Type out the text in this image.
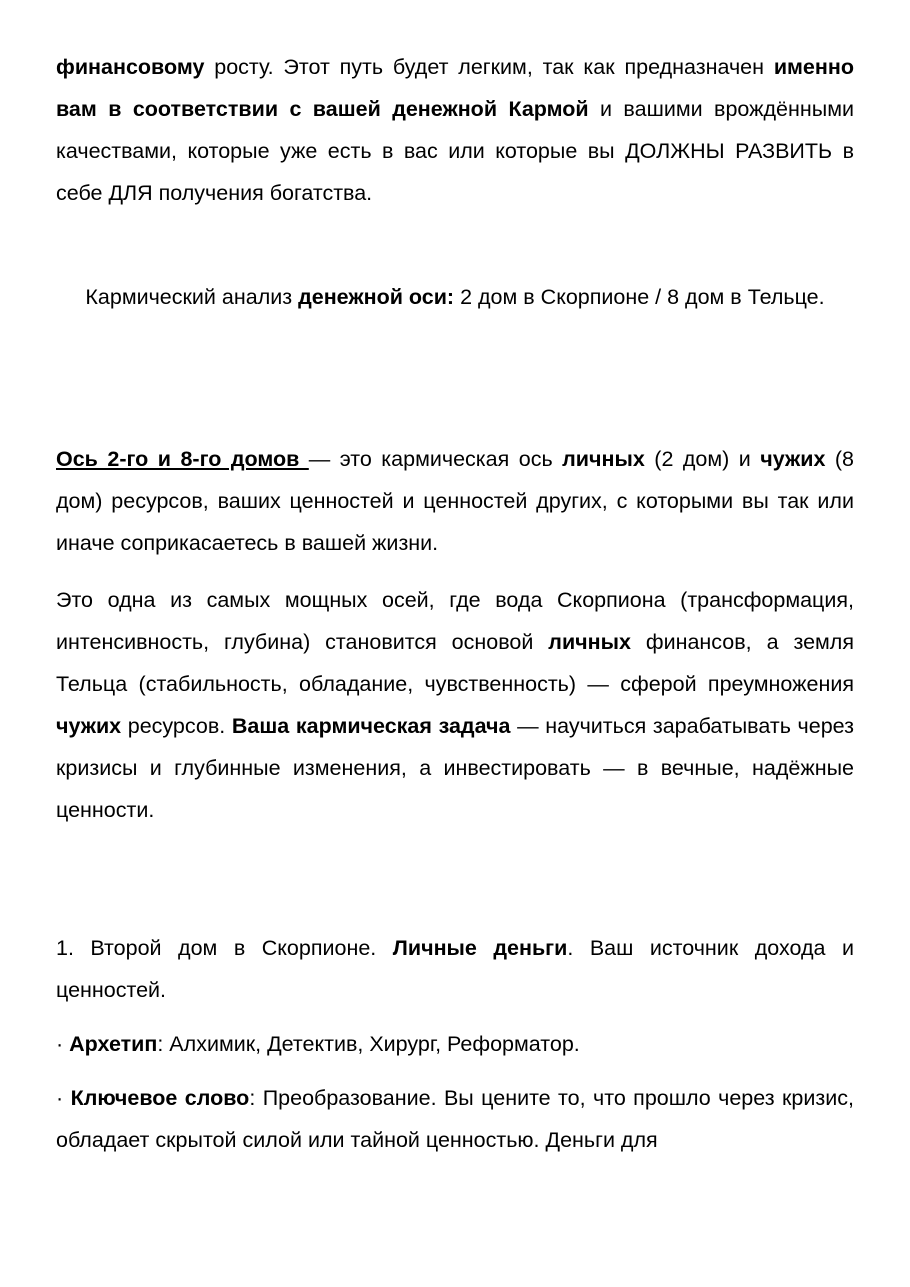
финансовому росту. Этот путь будет легким, так как предназначен именно вам в соответствии с вашей денежной Кармой и вашими врождёнными качествами, которые уже есть в вас или которые вы ДОЛЖНЫ РАЗВИТЬ в себе ДЛЯ получения богатства.

Кармический анализ денежной оси: 2 дом в Скорпионе / 8 дом в Тельце.

Ось 2-го и 8-го домов — это кармическая ось личных (2 дом) и чужих (8 дом) ресурсов, ваших ценностей и ценностей других, с которыми вы так или иначе соприкасаетесь в вашей жизни.

Это одна из самых мощных осей, где вода Скорпиона (трансформация, интенсивность, глубина) становится основой личных финансов, а земля Тельца (стабильность, обладание, чувственность) — сферой преумножения чужих ресурсов. Ваша кармическая задача — научиться зарабатывать через кризисы и глубинные изменения, а инвестировать — в вечные, надёжные ценности.

1. Второй дом в Скорпионе. Личные деньги. Ваш источник дохода и ценностей.

· Архетип: Алхимик, Детектив, Хирург, Реформатор.

· Ключевое слово: Преобразование. Вы цените то, что прошло через кризис, обладает скрытой силой или тайной ценностью. Деньги для
